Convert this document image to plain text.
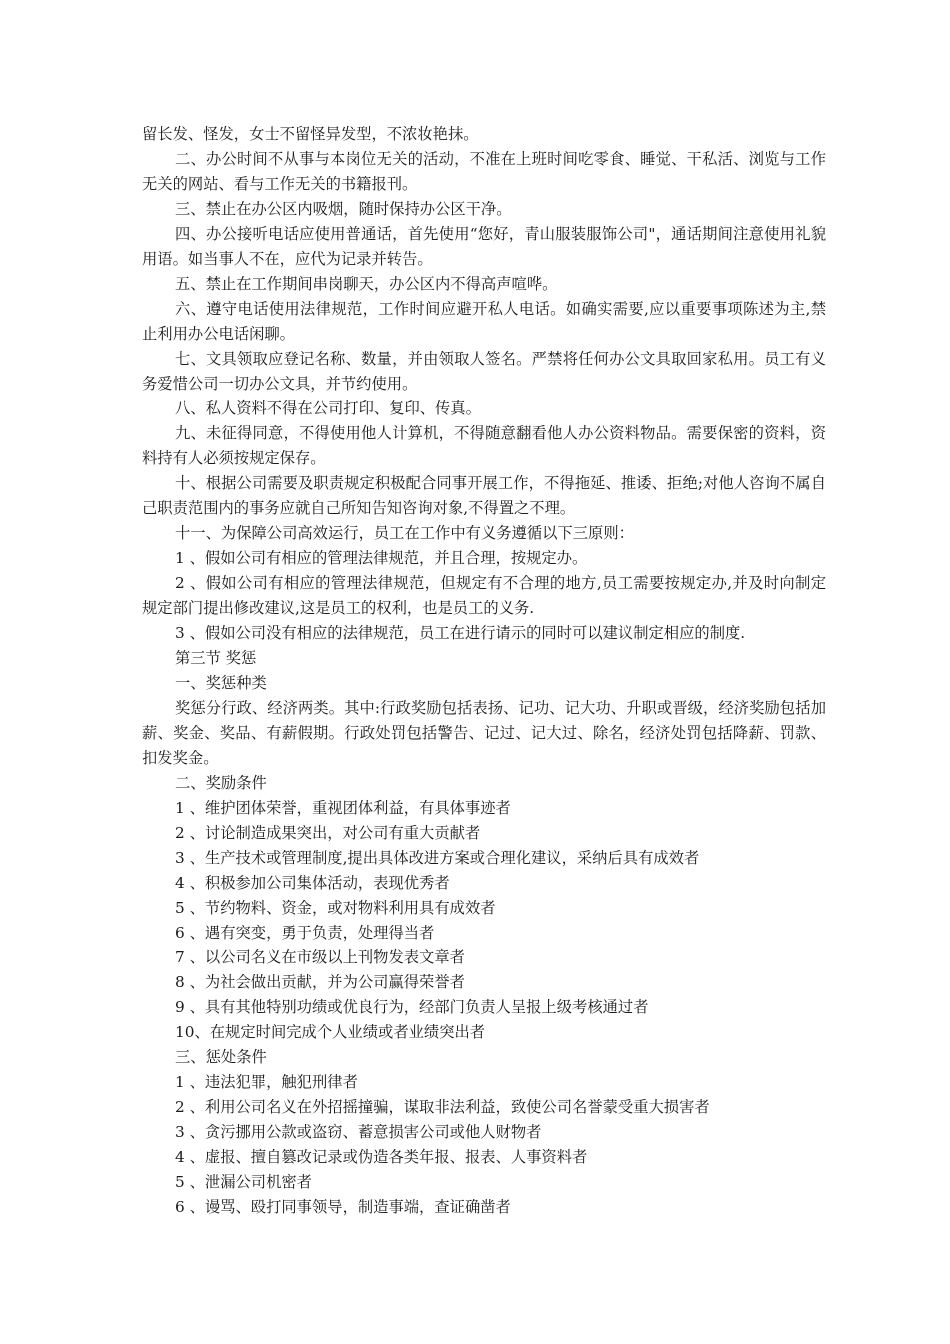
留长发、怪发，女士不留怪异发型，不浓妆艳抹。

二、办公时间不从事与本岗位无关的活动，不准在上班时间吃零食、睡觉、干私活、浏览与工作无关的网站、看与工作无关的书籍报刊。

三、禁止在办公区内吸烟，随时保持办公区干净。

四、办公接听电话应使用普通话，首先使用“您好，青山服装服饰公司"，通话期间注意使用礼貌用语。如当事人不在，应代为记录并转告。

五、禁止在工作期间串岗聊天，办公区内不得高声喧哗。

六、遵守电话使用法律规范，工作时间应避开私人电话。如确实需要,应以重要事项陈述为主,禁止利用办公电话闲聊。

七、文具领取应登记名称、数量，并由领取人签名。严禁将任何办公文具取回家私用。员工有义务爱惜公司一切办公文具，并节约使用。

八、私人资料不得在公司打印、复印、传真。

九、未征得同意，不得使用他人计算机，不得随意翻看他人办公资料物品。需要保密的资料，资料持有人必须按规定保存。

十、根据公司需要及职责规定积极配合同事开展工作，不得拖延、推诿、拒绝;对他人咨询不属自己职责范围内的事务应就自己所知告知咨询对象,不得置之不理。

十一、为保障公司高效运行，员工在工作中有义务遵循以下三原则：

1 、假如公司有相应的管理法律规范，并且合理，按规定办。

2 、假如公司有相应的管理法律规范，但规定有不合理的地方,员工需要按规定办,并及时向制定规定部门提出修改建议,这是员工的权利，也是员工的义务.

3 、假如公司没有相应的法律规范，员工在进行请示的同时可以建议制定相应的制度.

第三节 奖惩

一、奖惩种类

奖惩分行政、经济两类。其中:行政奖励包括表扬、记功、记大功、升职或晋级，经济奖励包括加薪、奖金、奖品、有薪假期。行政处罚包括警告、记过、记大过、除名，经济处罚包括降薪、罚款、扣发奖金。

二、奖励条件

1 、维护团体荣誉，重视团体利益，有具体事迹者

2 、讨论制造成果突出，对公司有重大贡献者

3 、生产技术或管理制度,提出具体改进方案或合理化建议，采纳后具有成效者

4 、积极参加公司集体活动，表现优秀者

5 、节约物料、资金，或对物料利用具有成效者

6 、遇有突变，勇于负责，处理得当者

7 、以公司名义在市级以上刊物发表文章者

8 、为社会做出贡献，并为公司赢得荣誉者

9 、具有其他特别功绩或优良行为，经部门负责人呈报上级考核通过者

10、在规定时间完成个人业绩或者业绩突出者

三、惩处条件

1 、违法犯罪，触犯刑律者

2 、利用公司名义在外招摇撞骗，谋取非法利益，致使公司名誉蒙受重大损害者

3 、贪污挪用公款或盗窃、蓄意损害公司或他人财物者

4 、虚报、擅自篡改记录或伪造各类年报、报表、人事资料者

5 、泄漏公司机密者

6 、谩骂、殴打同事领导，制造事端，查证确凿者
